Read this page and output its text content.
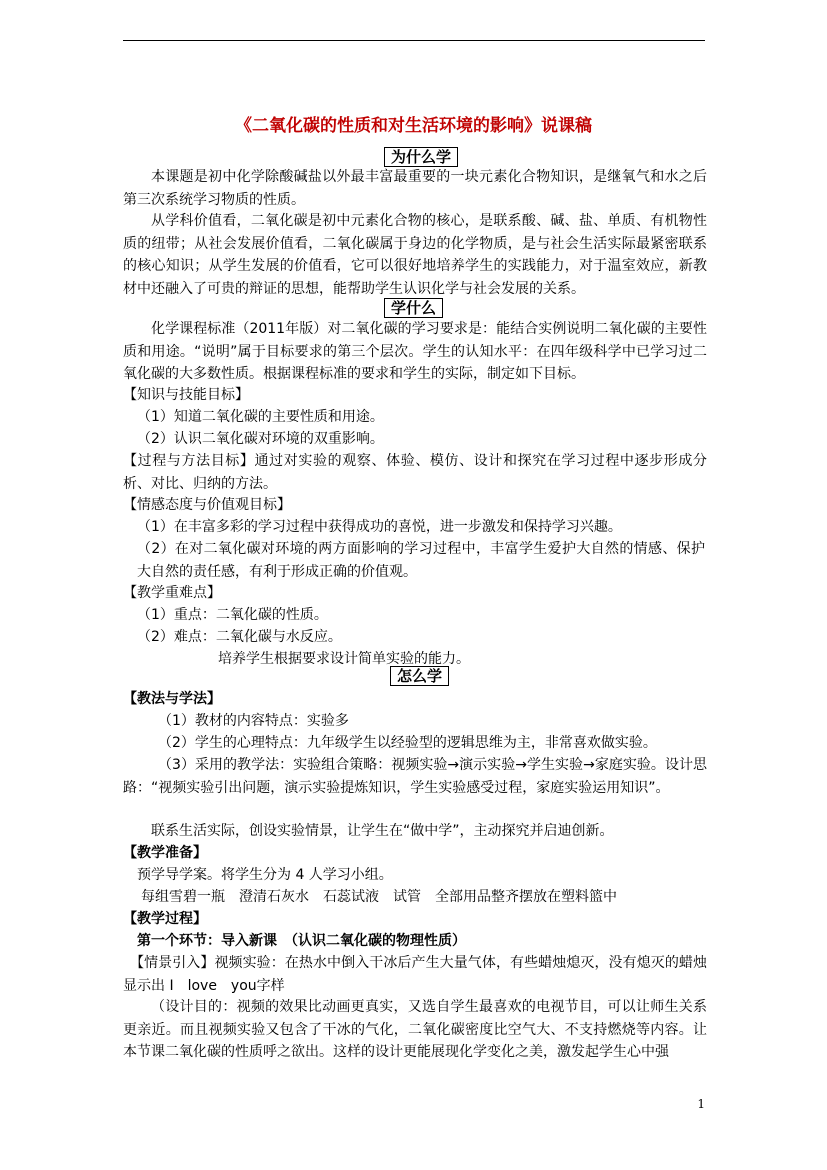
《二氧化碳的性质和对生活环境的影响》说课稿
为什么学
本课题是初中化学除酸碱盐以外最丰富最重要的一块元素化合物知识，是继氧气和水之后第三次系统学习物质的性质。
从学科价值看，二氧化碳是初中元素化合物的核心，是联系酸、碱、盐、单质、有机物性质的纽带；从社会发展价值看，二氧化碳属于身边的化学物质，是与社会生活实际最紧密联系的核心知识；从学生发展的价值看，它可以很好地培养学生的实践能力，对于温室效应，新教材中还融入了可贵的辩证的思想，能帮助学生认识化学与社会发展的关系。
学什么
化学课程标准（2011年版）对二氧化碳的学习要求是：能结合实例说明二氧化碳的主要性质和用途。“说明”属于目标要求的第三个层次。学生的认知水平：在四年级科学中已学习过二氧化碳的大多数性质。根据课程标准的要求和学生的实际，制定如下目标。
【知识与技能目标】
（1）知道二氧化碳的主要性质和用途。
（2）认识二氧化碳对环境的双重影响。
【过程与方法目标】通过对实验的观察、体验、模仿、设计和探究在学习过程中逐步形成分析、对比、归纳的方法。
【情感态度与价值观目标】
（1）在丰富多彩的学习过程中获得成功的喜悦，进一步激发和保持学习兴趣。
（2）在对二氧化碳对环境的两方面影响的学习过程中，丰富学生爱护大自然的情感、保护大自然的责任感，有利于形成正确的价值观。
【教学重难点】
（1）重点：二氧化碳的性质。
（2）难点：二氧化碳与水反应。
培养学生根据要求设计简单实验的能力。
怎么学
【教法与学法】
（1）教材的内容特点：实验多
（2）学生的心理特点：九年级学生以经验型的逻辑思维为主，非常喜欢做实验。
（3）采用的教学法：实验组合策略：视频实验→演示实验→学生实验→家庭实验。设计思路：“视频实验引出问题，演示实验提炼知识，学生实验感受过程，家庭实验运用知识”。
联系生活实际，创设实验情景，让学生在“做中学”，主动探究并启迪创新。
【教学准备】
预学导学案。将学生分为 4 人学习小组。
每组雪碧一瓶　澄清石灰水　石蕊试液　试管　全部用品整齐摆放在塑料篮中
【教学过程】
第一个环节：导入新课　（认识二氧化碳的物理性质）
【情景引入】视频实验：在热水中倒入干冰后产生大量气体，有些蜡烛熄灭，没有熄灭的蜡烛显示出 I　love　you字样
（设计目的：视频的效果比动画更真实，又选自学生最喜欢的电视节目，可以让师生关系更亲近。而且视频实验又包含了干冰的气化，二氧化碳密度比空气大、不支持燃烧等内容。让本节课二氧化碳的性质呼之欲出。这样的设计更能展现化学变化之美，激发起学生心中强
1
